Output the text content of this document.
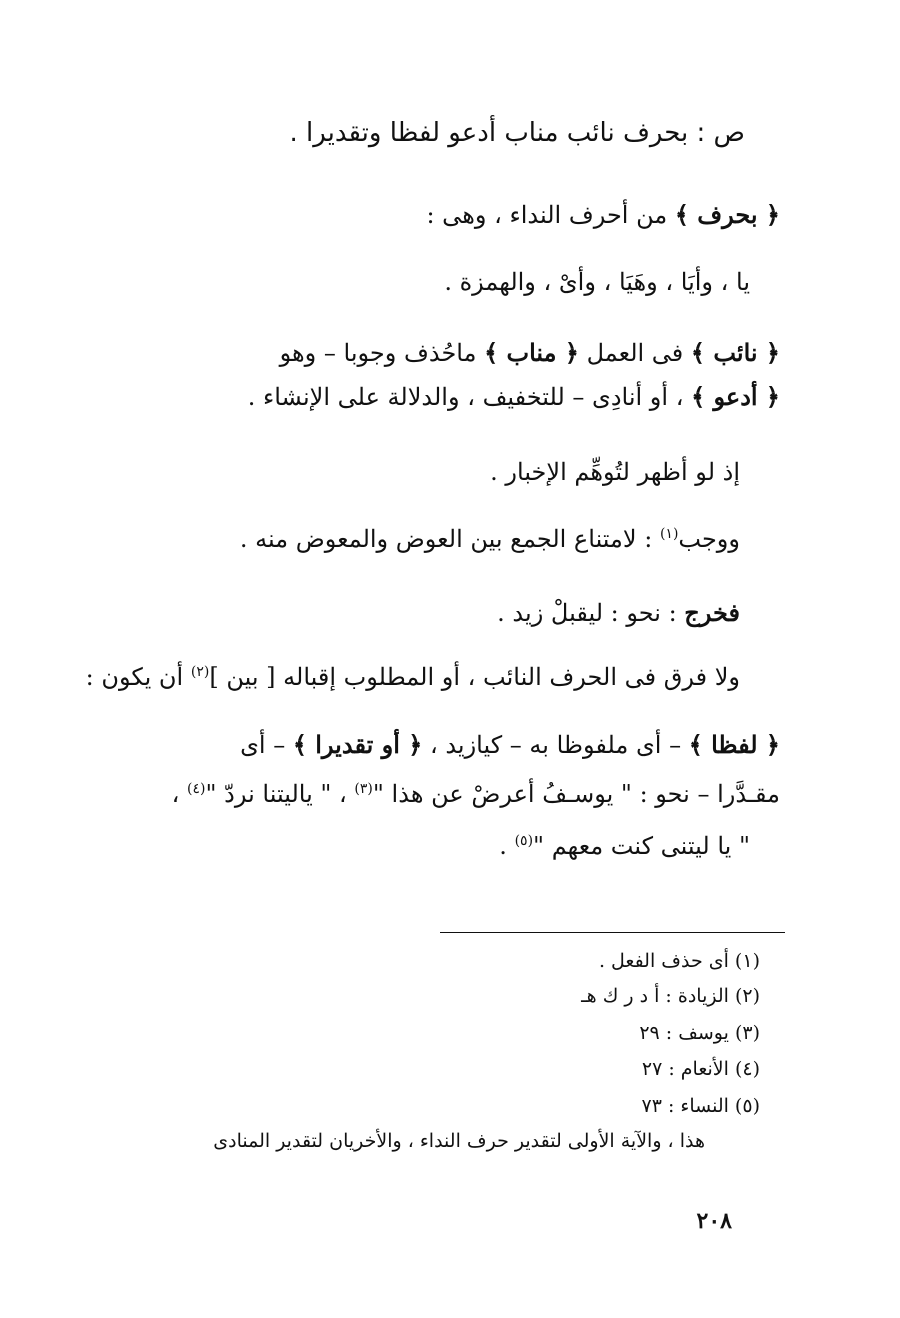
ص : بحرف نائب مناب أدعو لفظا وتقديرا .
﴿ بحرف ﴾ من أحرف النداء ، وهى :
يا ، وأيَا ، وهَيَا ، وأىْ ، والهمزة .
﴿ نائب ﴾ فى العمل ﴿ مناب ﴾ ماحُذف وجوبا – وهو
﴿ أدعو ﴾ ، أو أنادِى – للتخفيف ، والدلالة على الإنشاء .
إذ لو أظهر لتُوهِّم الإخبار .
ووجب$^{(١)}$ : لامتناع الجمع بين العوض والمعوض منه .
فخرج : نحو : ليقبلْ زيد .
ولا فرق فى الحرف النائب ، أو المطلوب إقباله [ بين ]$^{(٢)}$ أن يكون :
﴿ لفظا ﴾ – أى ملفوظا به – كيازيد ، ﴿ أو تقديرا ﴾ – أى
مقـدَّرا – نحو : " يوسـفُ أعرضْ عن هذا "$^{(٣)}$ ، " ياليتنا نردّ "$^{(٤)}$ ،
" يا ليتنى كنت معهم "$^{(٥)}$ .
(١) أى حذف الفعل .
(٢) الزيادة : أ د ر ك هـ
(٣) يوسف : ٢٩
(٤) الأنعام : ٢٧
(٥) النساء : ٧٣
هذا ، والآية الأولى لتقدير حرف النداء ، والأخريان لتقدير المنادى
٢٠٨
